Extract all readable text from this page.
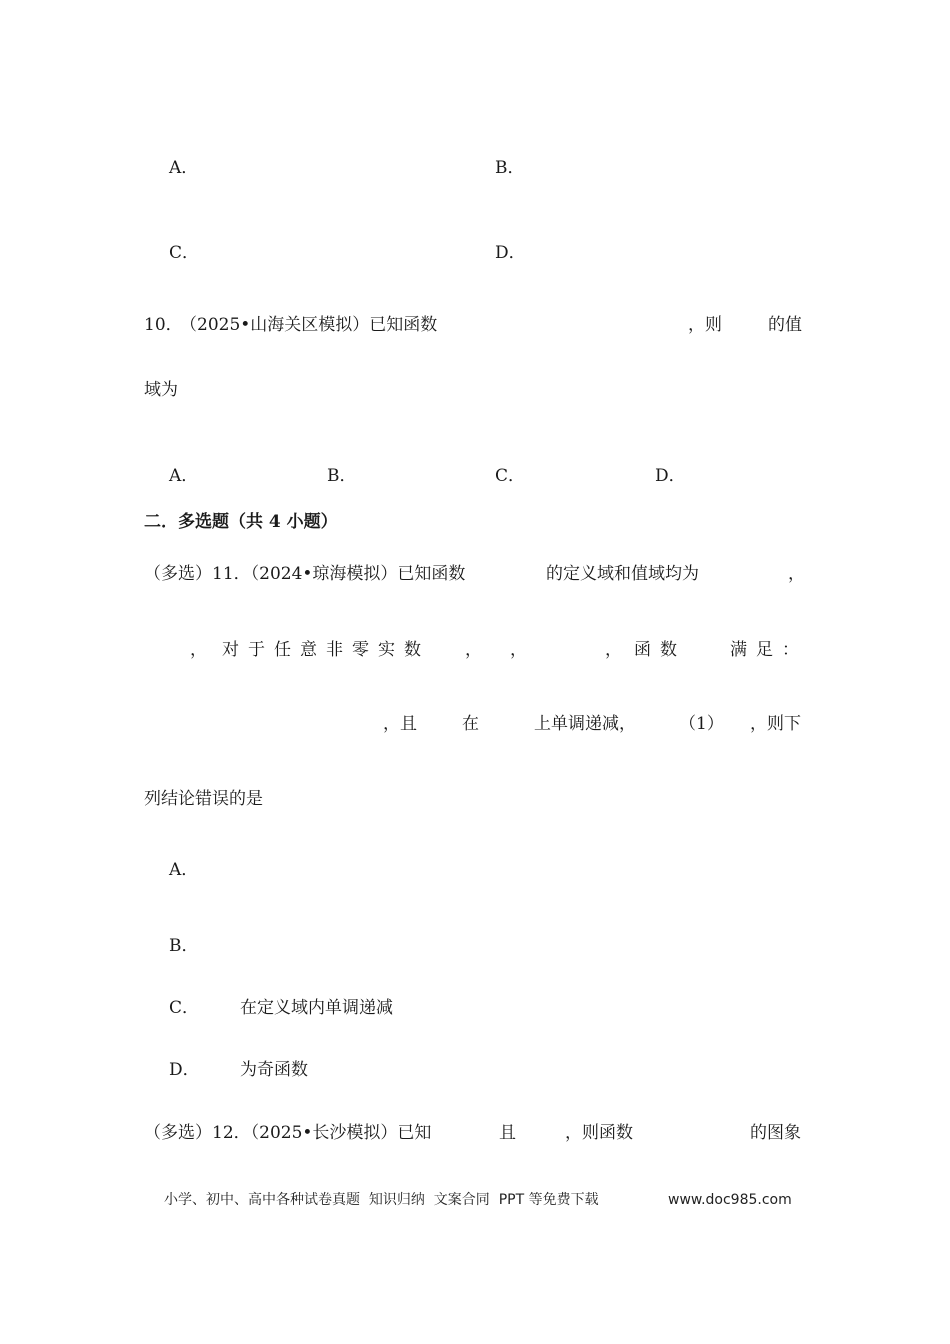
A．	B．
C．	D．
10．
（2025•山海关区模拟）已知函数	，则	的值
域为
A．	B．	C．	D．
二．多选题（共 4 小题）
（多选）11．（2024•琼海模拟）已知函数	的定义域和值域均为	，
， 对于任意非零实数 ， ，	， 函数	满足：
，且	在	上单调递减，	（1） ，则下
列结论错误的是
A．
B．
C． 在定义域内单调递减
D． 为奇函数
（多选）12．（2025•长沙模拟）已知	且	，则函数	的图象
小学、初中、高中各种试卷真题  知识归纳  文案合同  PPT 等免费下载	www.doc985.com
